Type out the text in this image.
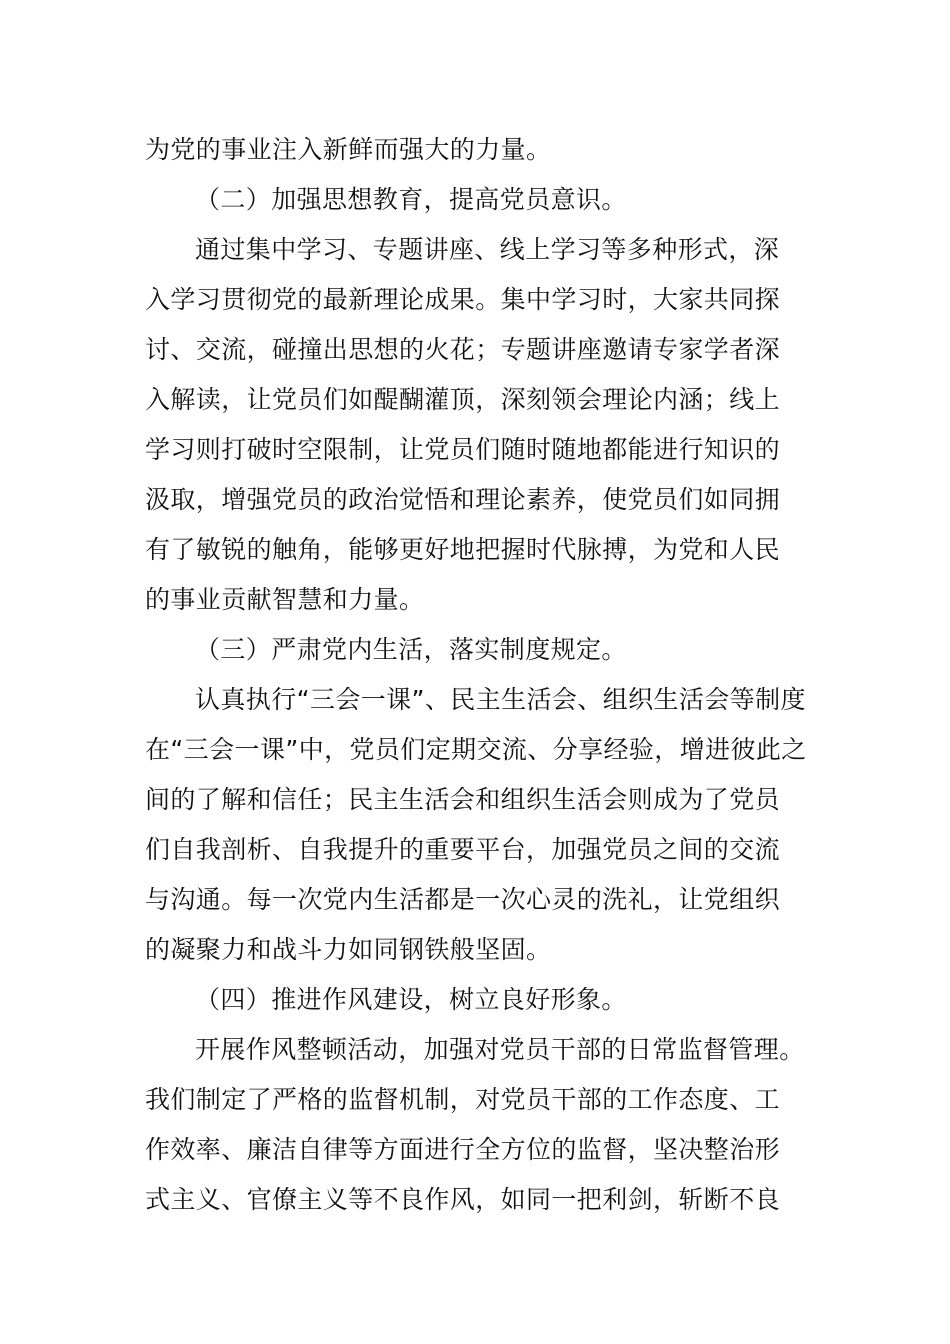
为党的事业注入新鲜而强大的力量。
（二）加强思想教育，提高党员意识。
通过集中学习、专题讲座、线上学习等多种形式，深
入学习贯彻党的最新理论成果。集中学习时，大家共同探
讨、交流，碰撞出思想的火花；专题讲座邀请专家学者深
入解读，让党员们如醍醐灌顶，深刻领会理论内涵；线上
学习则打破时空限制，让党员们随时随地都能进行知识的
汲取，增强党员的政治觉悟和理论素养，使党员们如同拥
有了敏锐的触角，能够更好地把握时代脉搏，为党和人民
的事业贡献智慧和力量。
（三）严肃党内生活，落实制度规定。
认真执行“三会一课”、民主生活会、组织生活会等制度
在“三会一课”中，党员们定期交流、分享经验，增进彼此之
间的了解和信任；民主生活会和组织生活会则成为了党员
们自我剖析、自我提升的重要平台，加强党员之间的交流
与沟通。每一次党内生活都是一次心灵的洗礼，让党组织
的凝聚力和战斗力如同钢铁般坚固。
（四）推进作风建设，树立良好形象。
开展作风整顿活动，加强对党员干部的日常监督管理。
我们制定了严格的监督机制，对党员干部的工作态度、工
作效率、廉洁自律等方面进行全方位的监督，坚决整治形
式主义、官僚主义等不良作风，如同一把利剑，斩断不良
